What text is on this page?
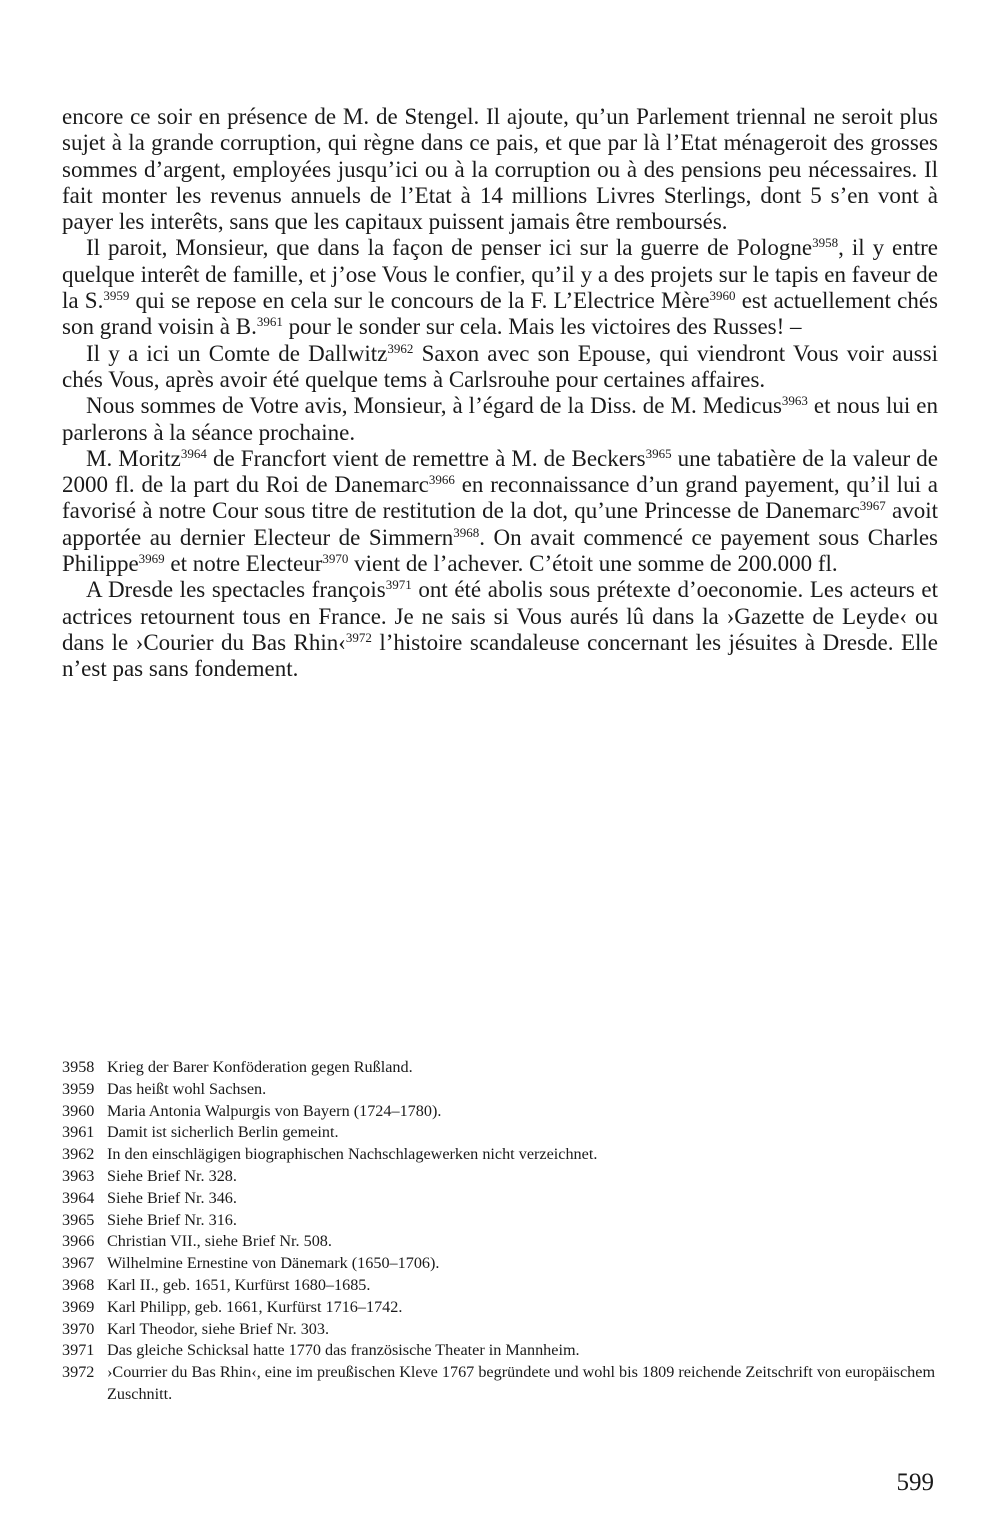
encore ce soir en présence de M. de Stengel. Il ajoute, qu’un Parlement triennal ne seroit plus sujet à la grande corruption, qui règne dans ce pais, et que par là l’Etat ménageroit des grosses sommes d’argent, employées jusqu’ici ou à la corruption ou à des pensions peu nécessaires. Il fait monter les revenus annuels de l’Etat à 14 millions Livres Sterlings, dont 5 s’en vont à payer les interêts, sans que les capitaux puissent jamais être remboursés.

Il paroit, Monsieur, que dans la façon de penser ici sur la guerre de Pologne$^{3958}$, il y entre quelque interêt de famille, et j’ose Vous le confier, qu’il y a des projets sur le tapis en faveur de la S.$^{3959}$ qui se repose en cela sur le concours de la F. L’Electrice Mère$^{3960}$ est actuellement chés son grand voisin à B.$^{3961}$ pour le sonder sur cela. Mais les victoires des Russes! –

Il y a ici un Comte de Dallwitz$^{3962}$ Saxon avec son Epouse, qui viendront Vous voir aussi chés Vous, après avoir été quelque tems à Carlsrouhe pour certaines affaires.

Nous sommes de Votre avis, Monsieur, à l’égard de la Diss. de M. Medicus$^{3963}$ et nous lui en parlerons à la séance prochaine.

M. Moritz$^{3964}$ de Francfort vient de remettre à M. de Beckers$^{3965}$ une tabatière de la valeur de 2000 fl. de la part du Roi de Danemarc$^{3966}$ en reconnaissance d’un grand payement, qu’il lui a favorisé à notre Cour sous titre de restitution de la dot, qu’une Princesse de Danemarc$^{3967}$ avoit apportée au dernier Electeur de Simmern$^{3968}$. On avait commencé ce payement sous Charles Philippe$^{3969}$ et notre Electeur$^{3970}$ vient de l’achever. C’étoit une somme de 200.000 fl.

A Dresde les spectacles françois$^{3971}$ ont été abolis sous prétexte d’oeconomie. Les acteurs et actrices retournent tous en France. Je ne sais si Vous aurés lû dans la ›Gazette de Leyde‹ ou dans le ›Courier du Bas Rhin‹$^{3972}$ l’histoire scandaleuse concernant les jésuites à Dresde. Elle n’est pas sans fondement.

3958 Krieg der Barer Konföderation gegen Rußland.
3959 Das heißt wohl Sachsen.
3960 Maria Antonia Walpurgis von Bayern (1724–1780).
3961 Damit ist sicherlich Berlin gemeint.
3962 In den einschlägigen biographischen Nachschlagewerken nicht verzeichnet.
3963 Siehe Brief Nr. 328.
3964 Siehe Brief Nr. 346.
3965 Siehe Brief Nr. 316.
3966 Christian VII., siehe Brief Nr. 508.
3967 Wilhelmine Ernestine von Dänemark (1650–1706).
3968 Karl II., geb. 1651, Kurfürst 1680–1685.
3969 Karl Philipp, geb. 1661, Kurfürst 1716–1742.
3970 Karl Theodor, siehe Brief Nr. 303.
3971 Das gleiche Schicksal hatte 1770 das französische Theater in Mannheim.
3972 ›Courrier du Bas Rhin‹, eine im preußischen Kleve 1767 begründete und wohl bis 1809 reichende Zeitschrift von europäischem Zuschnitt.
599
